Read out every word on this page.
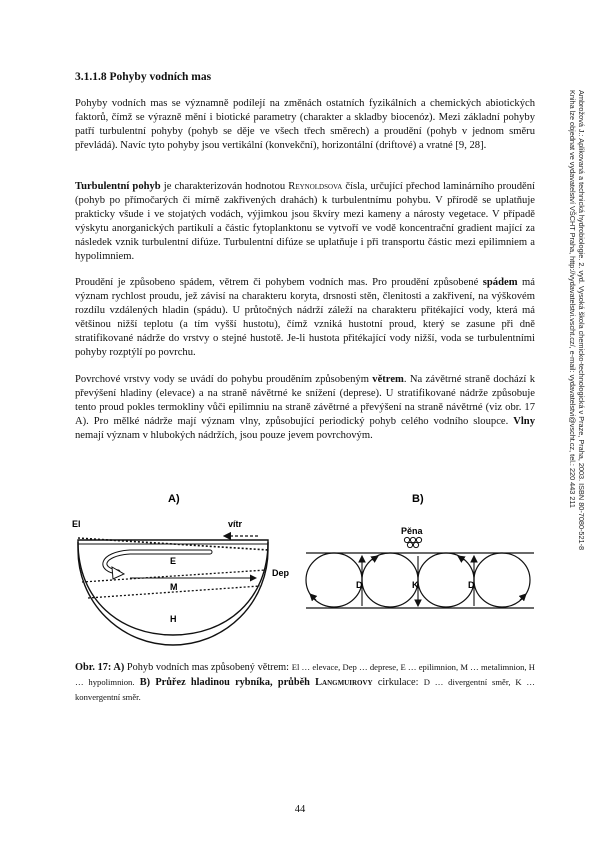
3.1.1.8 Pohyby vodních mas

Pohyby vodních mas se významně podílejí na změnách ostatních fyzikálních a chemických abiotických faktorů, čímž se výrazně mění i biotické parametry (charakter a skladby biocenóz). Mezi základní pohyby patří turbulentní pohyby (pohyb se děje ve všech třech směrech) a proudění (pohyb v jednom směru převládá). Navíc tyto pohyby jsou vertikální (konvekční), horizontální (driftové) a vratné [9, 28].

Turbulentní pohyb je charakterizován hodnotou Reynoldsova čísla, určující přechod laminárního proudění (pohyb po přímočarých či mírně zakřivených drahách) k turbulentnímu pohybu. V přírodě se uplatňuje prakticky všude i ve stojatých vodách, výjimkou jsou škvíry mezi kameny a nárosty vegetace. V případě výskytu anorganických partikulí a částic fytoplanktonu se vytvoří ve vodě koncentrační gradient mající za následek vznik turbulentní difúze. Turbulentní difúze se uplatňuje i při transportu částic mezi epilimniem a hypolimniem.

Proudění je způsobeno spádem, větrem či pohybem vodních mas. Pro proudění způsobené spádem má význam rychlost proudu, jež závisí na charakteru koryta, drsnosti stěn, členitosti a zakřivení, na výškovém rozdílu vzdálených hladin (spádu). U průtočných nádrží záleží na charakteru přitékající vody, která má většinou nižší teplotu (a tím vyšší hustotu), čímž vzniká hustotní proud, který se zasune při dně stratifikované nádrže do vrstvy o stejné hustotě. Je-li hustota přitékající vody nižší, voda se turbulentními pohyby rozptýlí po povrchu.

Povrchové vrstvy vody se uvádí do pohybu prouděním způsobeným větrem. Na závětrné straně dochází k převýšení hladiny (elevace) a na straně návětrné ke snížení (deprese). U stratifikované nádrže způsobuje tento proud pokles termokliny vůči epilimniu na straně závětrné a převýšení na straně návětrné (viz obr. 17 A). Pro mělké nádrže mají význam vlny, způsobující periodický pohyb celého vodního sloupce. Vlny nemají význam v hlubokých nádržích, jsou pouze jevem povrchovým.	Ambrožová J.: Aplikovaná a technická hydrobiologie. 2. vyd. Vysoká škola chemicko-technologická v Praze, Praha, 2003. ISBN 80-7080-521-8
Kniha lze objednat ve vydavatelství VŠCHT Praha, http://vydavatelstvi.vscht.cz/, e-mail: vydavatelstvi@vscht.cz, tel.: 220 443 211
A)
El	vítr
E
M
H
Dep
B)
Pěna
D	K	D
Obr. 17: A) Pohyb vodních mas způsobený větrem: El … elevace, Dep … deprese, E … epilimnion, M … metalimnion, H … hypolimnion. B) Průřez hladinou rybníka, průběh Langmuirovy cirkulace: D … divergentní směr, K … konvergentní směr.
44
